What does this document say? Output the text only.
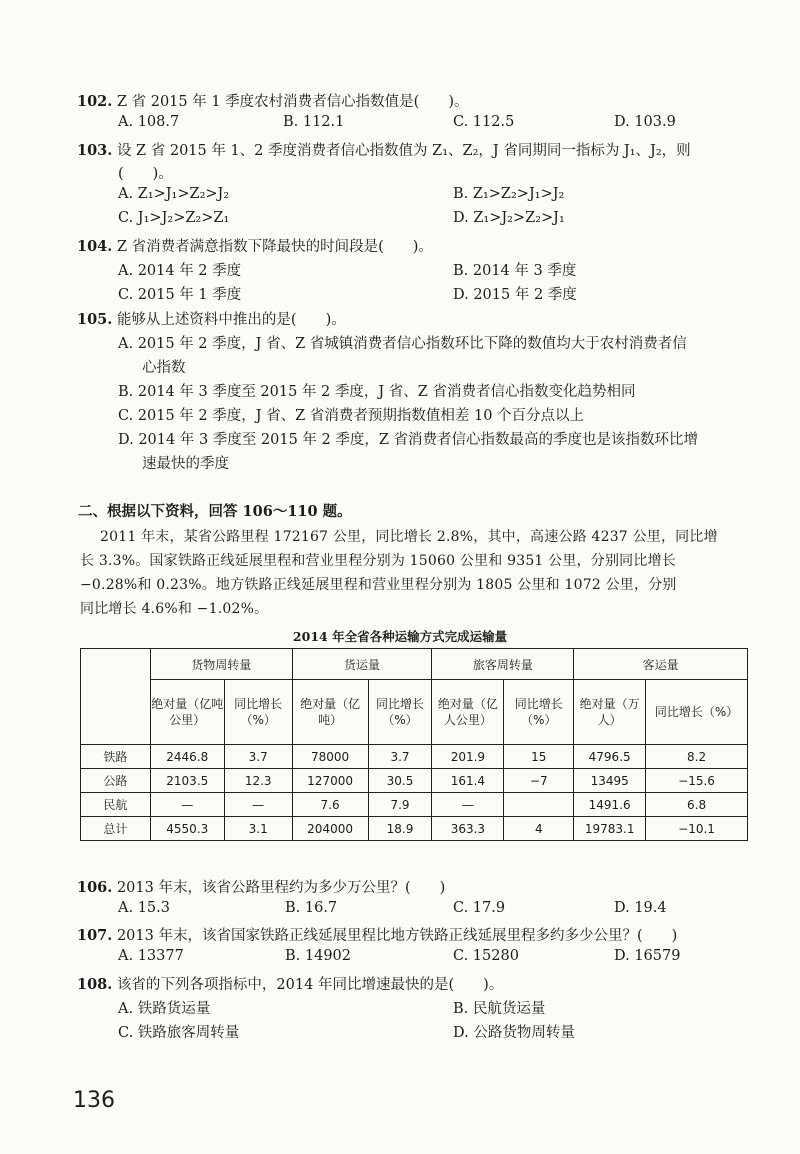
102. Z 省 2015 年 1 季度农村消费者信心指数值是(　　)。
A. 108.7	B. 112.1	C. 112.5	D. 103.9
103. 设 Z 省 2015 年 1、2 季度消费者信心指数值为 Z₁、Z₂，J 省同期同一指标为 J₁、J₂，则
(　　)。
A. Z₁>J₁>Z₂>J₂	B. Z₁>Z₂>J₁>J₂
C. J₁>J₂>Z₂>Z₁	D. Z₁>J₂>Z₂>J₁
104. Z 省消费者满意指数下降最快的时间段是(　　)。
A. 2014 年 2 季度	B. 2014 年 3 季度
C. 2015 年 1 季度	D. 2015 年 2 季度
105. 能够从上述资料中推出的是(　　)。
A. 2015 年 2 季度，J 省、Z 省城镇消费者信心指数环比下降的数值均大于农村消费者信
心指数
B. 2014 年 3 季度至 2015 年 2 季度，J 省、Z 省消费者信心指数变化趋势相同
C. 2015 年 2 季度，J 省、Z 省消费者预期指数值相差 10 个百分点以上
D. 2014 年 3 季度至 2015 年 2 季度，Z 省消费者信心指数最高的季度也是该指数环比增
速最快的季度
二、根据以下资料，回答 106～110 题。
2011 年末，某省公路里程 172167 公里，同比增长 2.8%，其中，高速公路 4237 公里，同比增
长 3.3%。国家铁路正线延展里程和营业里程分别为 15060 公里和 9351 公里，分别同比增长
−0.28%和 0.23%。地方铁路正线延展里程和营业里程分别为 1805 公里和 1072 公里，分别
同比增长 4.6%和 −1.02%。
2014 年全省各种运输方式完成运输量
	货物周转量		货运量		旅客周转量		客运量	
	绝对量（亿吨公里）	同比增长（%）	绝对量（亿吨）	同比增长（%）	绝对量（亿人公里）	同比增长（%）	绝对量（万人）	同比增长（%）
铁路	2446.8	3.7	78000	3.7	201.9	15	4796.5	8.2
公路	2103.5	12.3	127000	30.5	161.4	−7	13495	−15.6
民航	—	—	7.6	7.9	—		1491.6	6.8
总计	4550.3	3.1	204000	18.9	363.3	4	19783.1	−10.1
106. 2013 年末，该省公路里程约为多少万公里？(　　)
A. 15.3	B. 16.7	C. 17.9	D. 19.4
107. 2013 年末，该省国家铁路正线延展里程比地方铁路正线延展里程多约多少公里？(　　)
A. 13377	B. 14902	C. 15280	D. 16579
108. 该省的下列各项指标中，2014 年同比增速最快的是(　　)。
A. 铁路货运量	B. 民航货运量
C. 铁路旅客周转量	D. 公路货物周转量
136
